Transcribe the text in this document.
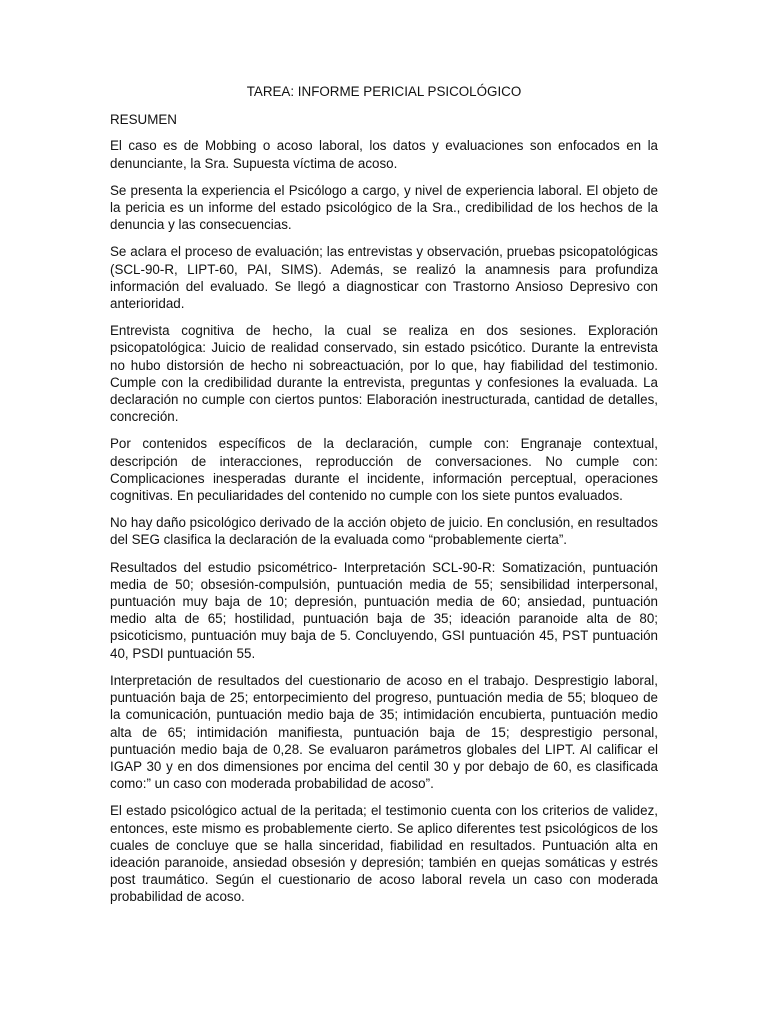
TAREA: INFORME PERICIAL PSICOLÓGICO
RESUMEN

El caso es de Mobbing o acoso laboral, los datos y evaluaciones son enfocados en la denunciante, la Sra. Supuesta víctima de acoso.

Se presenta la experiencia el Psicólogo a cargo, y nivel de experiencia laboral. El objeto de la pericia es un informe del estado psicológico de la Sra., credibilidad de los hechos de la denuncia y las consecuencias.

Se aclara el proceso de evaluación; las entrevistas y observación, pruebas psicopatológicas (SCL-90-R, LIPT-60, PAI, SIMS). Además, se realizó la anamnesis para profundiza información del evaluado. Se llegó a diagnosticar con Trastorno Ansioso Depresivo con anterioridad.

Entrevista cognitiva de hecho, la cual se realiza en dos sesiones. Exploración psicopatológica: Juicio de realidad conservado, sin estado psicótico. Durante la entrevista no hubo distorsión de hecho ni sobreactuación, por lo que, hay fiabilidad del testimonio. Cumple con la credibilidad durante la entrevista, preguntas y confesiones la evaluada. La declaración no cumple con ciertos puntos: Elaboración inestructurada, cantidad de detalles, concreción.

Por contenidos específicos de la declaración, cumple con: Engranaje contextual, descripción de interacciones, reproducción de conversaciones. No cumple con: Complicaciones inesperadas durante el incidente, información perceptual, operaciones cognitivas. En peculiaridades del contenido no cumple con los siete puntos evaluados.

No hay daño psicológico derivado de la acción objeto de juicio. En conclusión, en resultados del SEG clasifica la declaración de la evaluada como “probablemente cierta”.

Resultados del estudio psicométrico- Interpretación SCL-90-R: Somatización, puntuación media de 50; obsesión-compulsión, puntuación media de 55; sensibilidad interpersonal, puntuación muy baja de 10; depresión, puntuación media de 60; ansiedad, puntuación medio alta de 65; hostilidad, puntuación baja de 35; ideación paranoide alta de 80; psicoticismo, puntuación muy baja de 5. Concluyendo, GSI puntuación 45, PST puntuación 40, PSDI puntuación 55.

Interpretación de resultados del cuestionario de acoso en el trabajo. Desprestigio laboral, puntuación baja de 25; entorpecimiento del progreso, puntuación media de 55; bloqueo de la comunicación, puntuación medio baja de 35; intimidación encubierta, puntuación medio alta de 65; intimidación manifiesta, puntuación baja de 15; desprestigio personal, puntuación medio baja de 0,28. Se evaluaron parámetros globales del LIPT. Al calificar el IGAP 30 y en dos dimensiones por encima del centil 30 y por debajo de 60, es clasificada como:” un caso con moderada probabilidad de acoso”.

El estado psicológico actual de la peritada; el testimonio cuenta con los criterios de validez, entonces, este mismo es probablemente cierto. Se aplico diferentes test psicológicos de los cuales de concluye que se halla sinceridad, fiabilidad en resultados. Puntuación alta en ideación paranoide, ansiedad obsesión y depresión; también en quejas somáticas y estrés post traumático. Según el cuestionario de acoso laboral revela un caso con moderada probabilidad de acoso.
